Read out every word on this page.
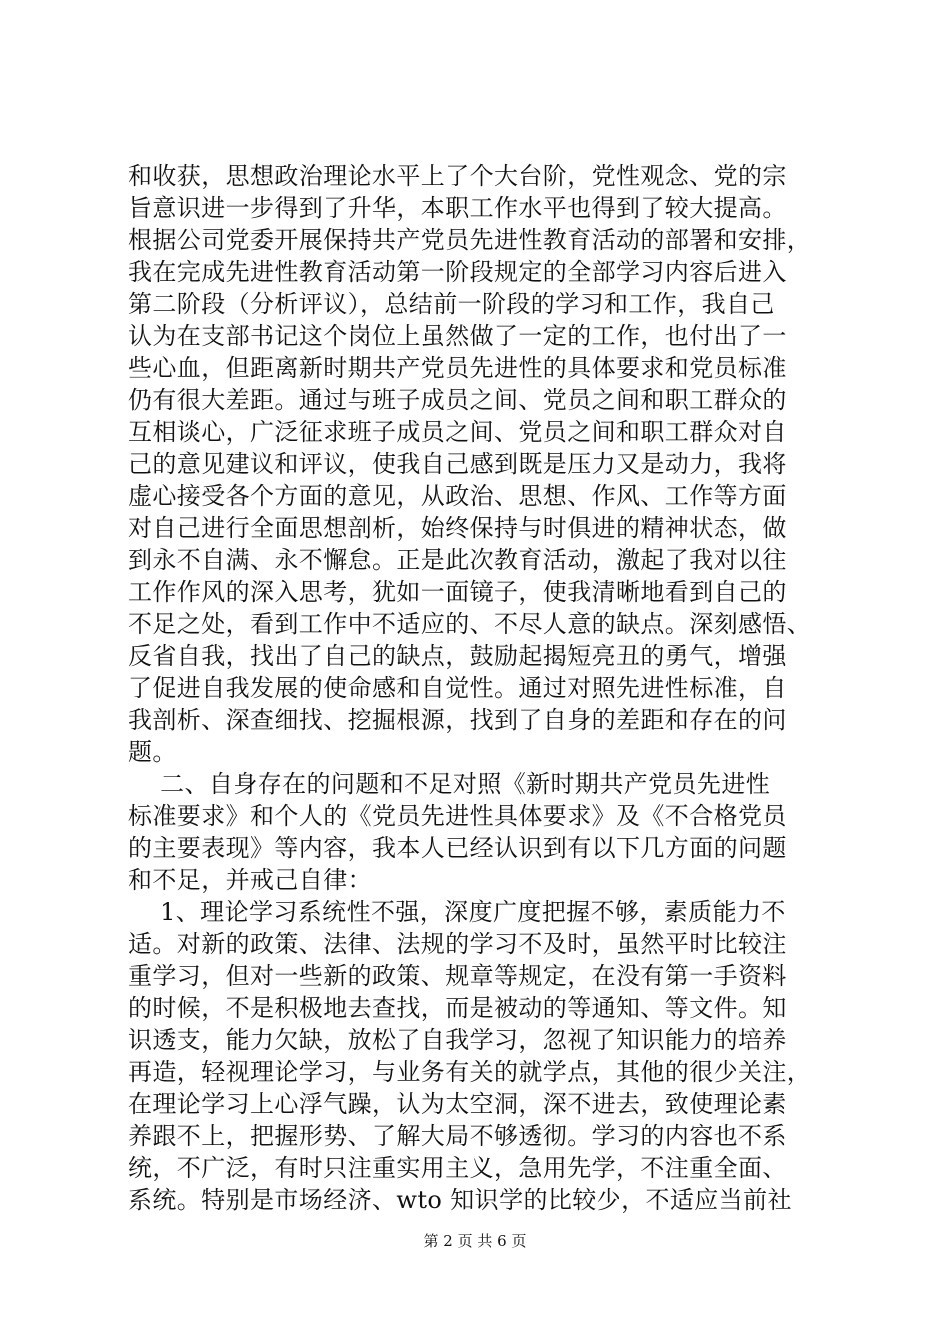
和收获，思想政治理论水平上了个大台阶，党性观念、党的宗
旨意识进一步得到了升华，本职工作水平也得到了较大提高。
根据公司党委开展保持共产党员先进性教育活动的部署和安排，
我在完成先进性教育活动第一阶段规定的全部学习内容后进入
第二阶段（分析评议），总结前一阶段的学习和工作，我自己
认为在支部书记这个岗位上虽然做了一定的工作，也付出了一
些心血，但距离新时期共产党员先进性的具体要求和党员标准
仍有很大差距。通过与班子成员之间、党员之间和职工群众的
互相谈心，广泛征求班子成员之间、党员之间和职工群众对自
己的意见建议和评议，使我自己感到既是压力又是动力，我将
虚心接受各个方面的意见，从政治、思想、作风、工作等方面
对自己进行全面思想剖析，始终保持与时俱进的精神状态，做
到永不自满、永不懈怠。正是此次教育活动，激起了我对以往
工作作风的深入思考，犹如一面镜子，使我清晰地看到自己的
不足之处，看到工作中不适应的、不尽人意的缺点。深刻感悟、
反省自我，找出了自己的缺点，鼓励起揭短亮丑的勇气，增强
了促进自我发展的使命感和自觉性。通过对照先进性标准，自
我剖析、深查细找、挖掘根源，找到了自身的差距和存在的问
题。
二、自身存在的问题和不足对照《新时期共产党员先进性
标准要求》和个人的《党员先进性具体要求》及《不合格党员
的主要表现》等内容，我本人已经认识到有以下几方面的问题
和不足，并戒己自律：
1、理论学习系统性不强，深度广度把握不够，素质能力不
适。对新的政策、法律、法规的学习不及时，虽然平时比较注
重学习，但对一些新的政策、规章等规定，在没有第一手资料
的时候，不是积极地去查找，而是被动的等通知、等文件。知
识透支，能力欠缺，放松了自我学习，忽视了知识能力的培养
再造，轻视理论学习，与业务有关的就学点，其他的很少关注，
在理论学习上心浮气躁，认为太空洞，深不进去，致使理论素
养跟不上，把握形势、了解大局不够透彻。学习的内容也不系
统，不广泛，有时只注重实用主义，急用先学，不注重全面、
系统。特别是市场经济、wto 知识学的比较少，不适应当前社
第 2 页 共 6 页
